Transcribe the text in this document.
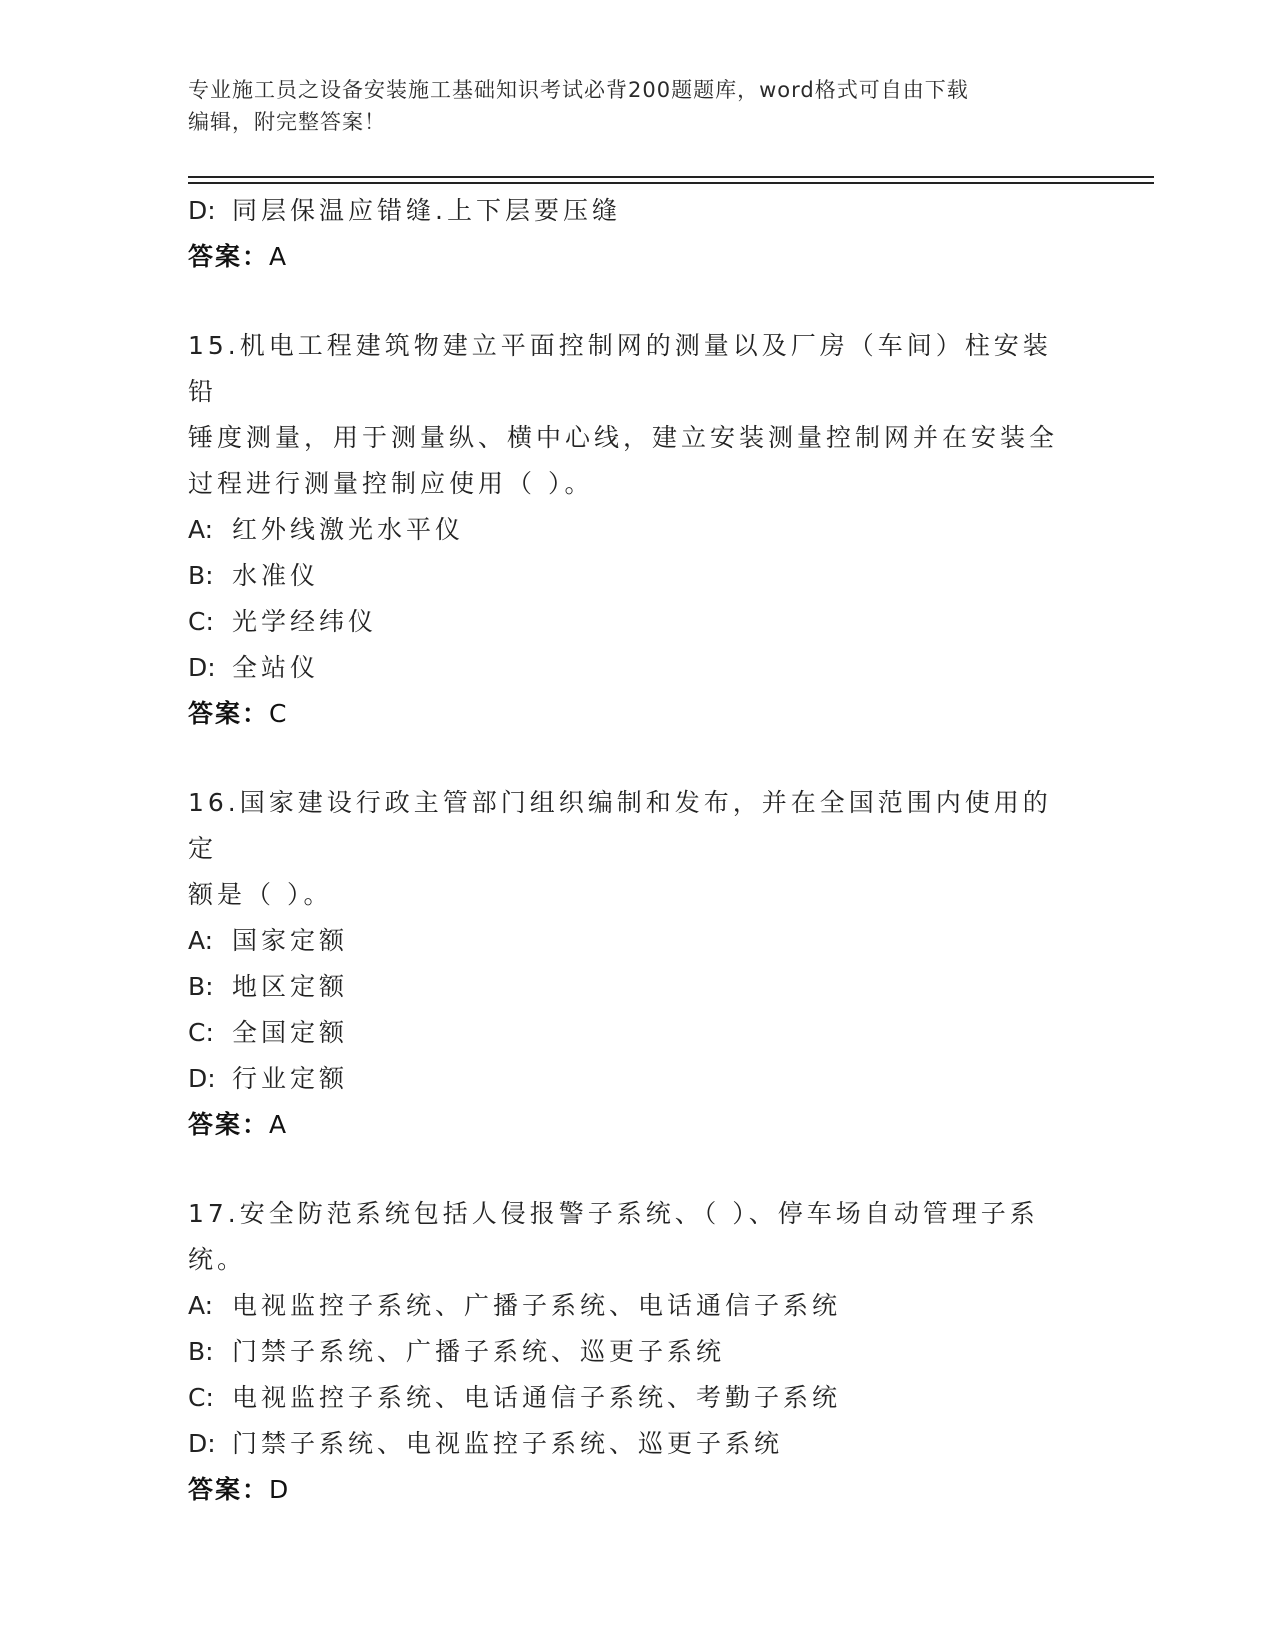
专业施工员之设备安装施工基础知识考试必背200题题库，word格式可自由下载
编辑，附完整答案！
D: 同层保温应错缝.上下层要压缝
答案：A
15.机电工程建筑物建立平面控制网的测量以及厂房（车间）柱安装铅
锤度测量，用于测量纵、横中心线，建立安装测量控制网并在安装全
过程进行测量控制应使用（ ）。
A: 红外线激光水平仪
B: 水准仪
C: 光学经纬仪
D: 全站仪
答案：C
16.国家建设行政主管部门组织编制和发布，并在全国范围内使用的定
额是（ ）。
A: 国家定额
B: 地区定额
C: 全国定额
D: 行业定额
答案：A
17.安全防范系统包括人侵报警子系统、（ ）、停车场自动管理子系
统。
A: 电视监控子系统、广播子系统、电话通信子系统
B: 门禁子系统、广播子系统、巡更子系统
C: 电视监控子系统、电话通信子系统、考勤子系统
D: 门禁子系统、电视监控子系统、巡更子系统
答案：D
